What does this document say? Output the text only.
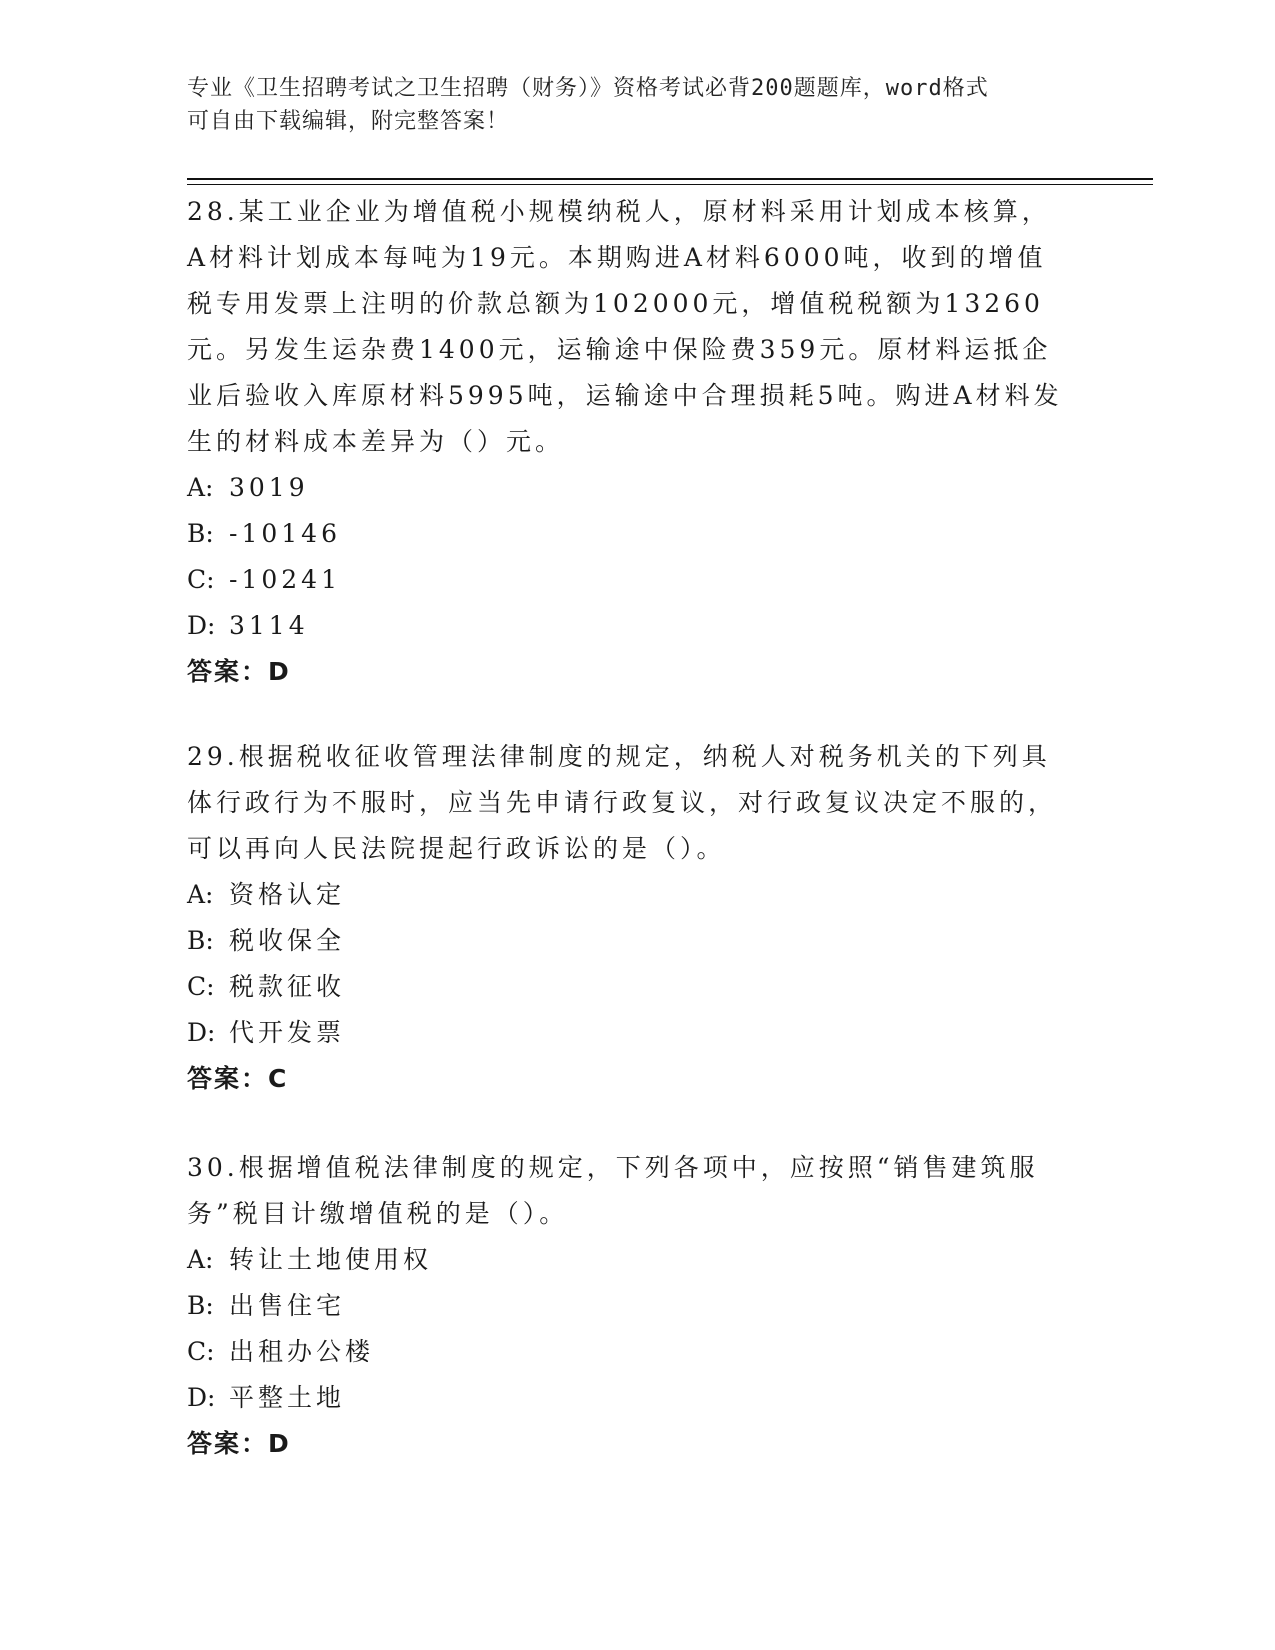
专业《卫生招聘考试之卫生招聘（财务）》资格考试必背200题题库，word格式
可自由下载编辑，附完整答案！
28.某工业企业为增值税小规模纳税人，原材料采用计划成本核算，A材料计划成本每吨为19元。本期购进A材料6000吨，收到的增值税专用发票上注明的价款总额为102000元，增值税税额为13260元。另发生运杂费1400元，运输途中保险费359元。原材料运抵企业后验收入库原材料5995吨，运输途中合理损耗5吨。购进A材料发生的材料成本差异为（）元。
A: 3019
B: -10146
C: -10241
D: 3114
答案：D
29.根据税收征收管理法律制度的规定，纳税人对税务机关的下列具体行政行为不服时，应当先申请行政复议，对行政复议决定不服的，可以再向人民法院提起行政诉讼的是（）。
A: 资格认定
B: 税收保全
C: 税款征收
D: 代开发票
答案：C
30.根据增值税法律制度的规定，下列各项中，应按照“销售建筑服务”税目计缴增值税的是（）。
A: 转让土地使用权
B: 出售住宅
C: 出租办公楼
D: 平整土地
答案：D
